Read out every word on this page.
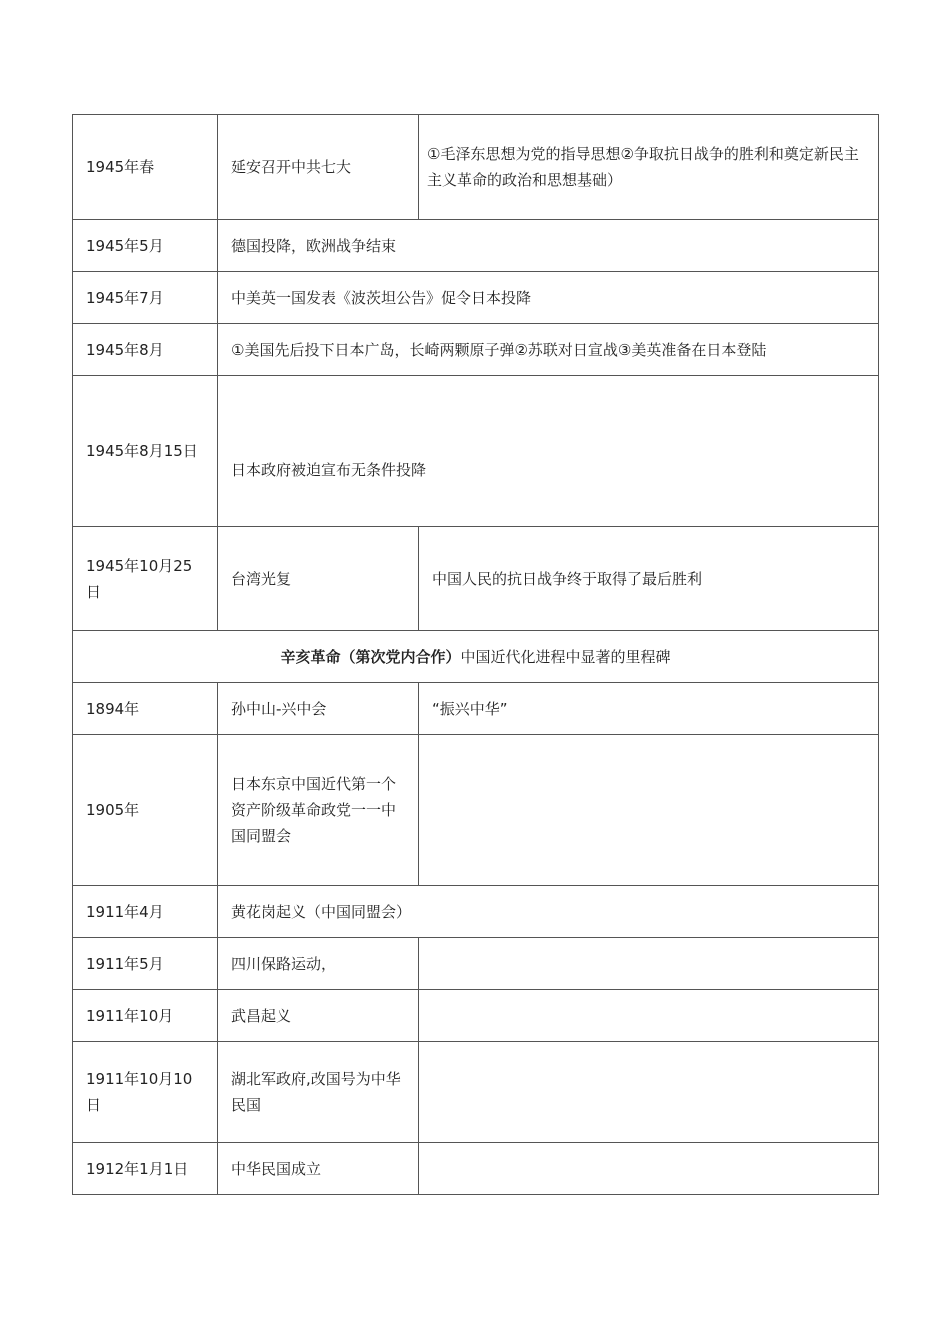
1945年春	延安召开中共七大	①毛泽东思想为党的指导思想②争取抗日战争的胜利和奠定新民主主义革命的政治和思想基础）
1945年5月	德国投降，欧洲战争结束	
1945年7月	中美英一国发表《波茨坦公告》促令日本投降	
1945年8月	①美国先后投下日本广岛，长崎两颗原子弹②苏联对日宣战③美英准备在日本登陆	
1945年8月15日	日本政府被迫宣布无条件投降	
1945年10月25日	台湾光复	中国人民的抗日战争终于取得了最后胜利
辛亥革命（第次党内合作）中国近代化进程中显著的里程碑		
1894年	孙中山-兴中会	“振兴中华”
1905年	日本东京中国近代第一个资产阶级革命政党一一中国同盟会	
1911年4月	黄花岗起义（中国同盟会）	
1911年5月	四川保路运动，	
1911年10月	武昌起义	
1911年10月10日	湖北军政府,改国号为中华民国	
1912年1月1日	中华民国成立	
